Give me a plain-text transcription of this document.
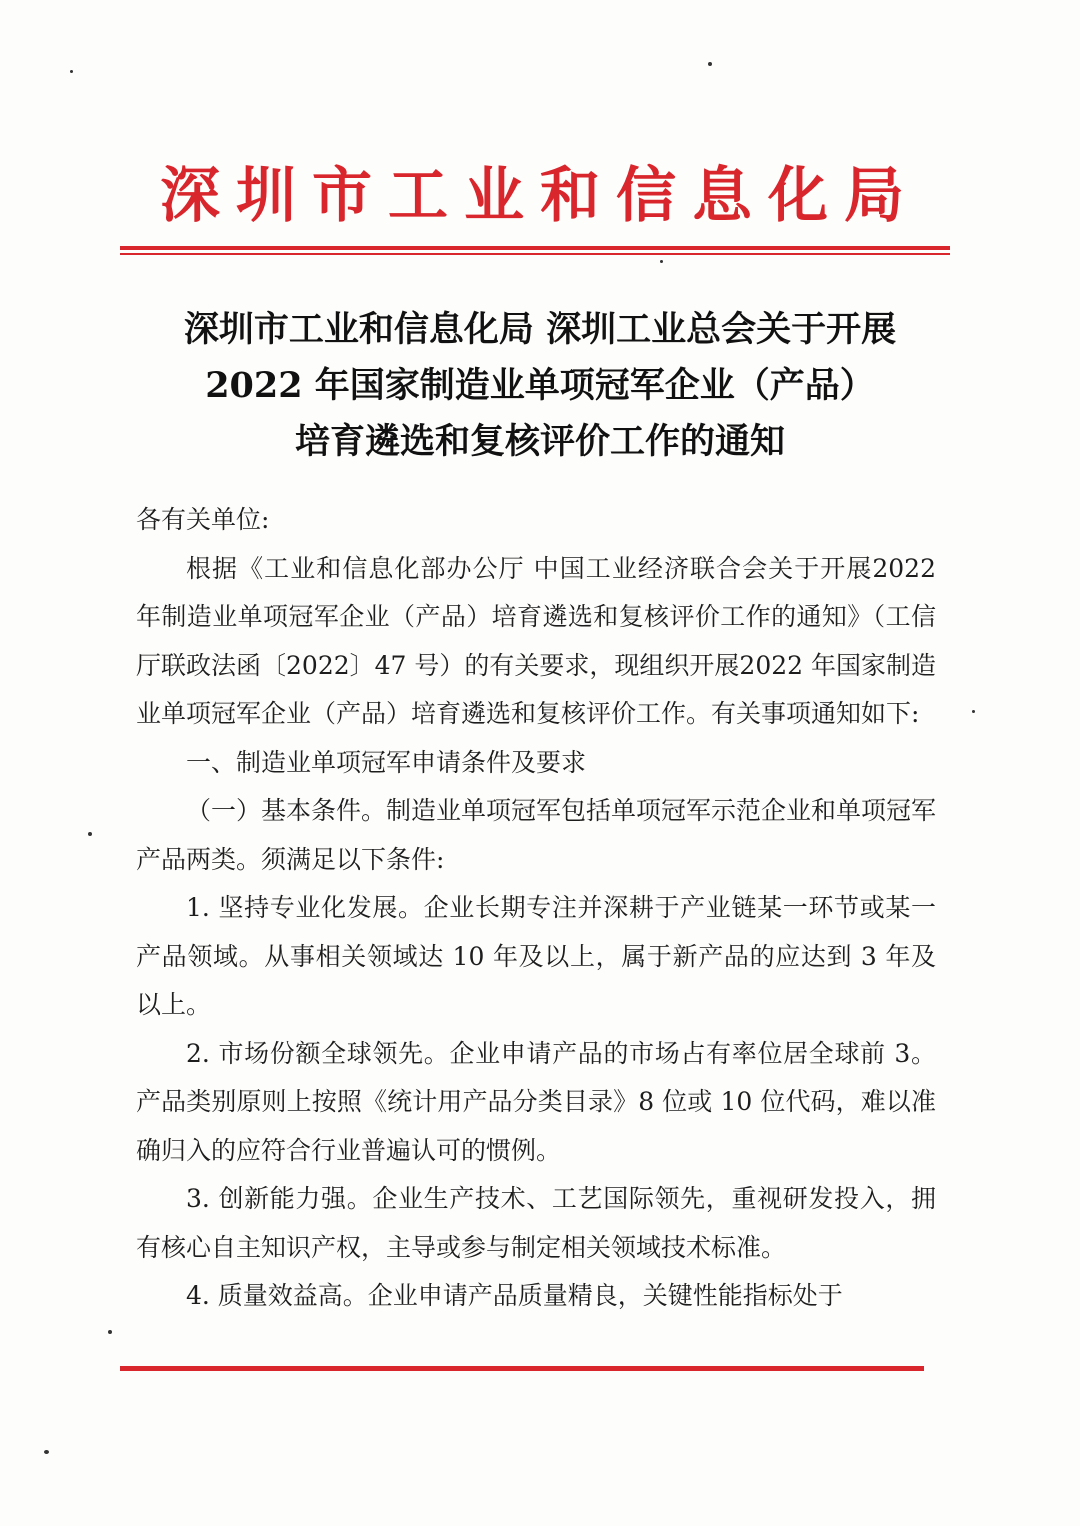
深圳市工业和信息化局
深圳市工业和信息化局 深圳工业总会关于开展
2022 年国家制造业单项冠军企业（产品）
培育遴选和复核评价工作的通知

各有关单位:

根据《工业和信息化部办公厅 中国工业经济联合会关于开展2022 年制造业单项冠军企业（产品）培育遴选和复核评价工作的通知》（工信厅联政法函〔2022〕47 号）的有关要求，现组织开展2022 年国家制造业单项冠军企业（产品）培育遴选和复核评价工作。有关事项通知如下:

一、制造业单项冠军申请条件及要求

（一）基本条件。制造业单项冠军包括单项冠军示范企业和单项冠军产品两类。须满足以下条件:

1. 坚持专业化发展。企业长期专注并深耕于产业链某一环节或某一产品领域。从事相关领域达 10 年及以上，属于新产品的应达到 3 年及以上。

2. 市场份额全球领先。企业申请产品的市场占有率位居全球前 3。产品类别原则上按照《统计用产品分类目录》8 位或 10 位代码，难以准确归入的应符合行业普遍认可的惯例。

3. 创新能力强。企业生产技术、工艺国际领先，重视研发投入，拥有核心自主知识产权，主导或参与制定相关领域技术标准。

4. 质量效益高。企业申请产品质量精良，关键性能指标处于
